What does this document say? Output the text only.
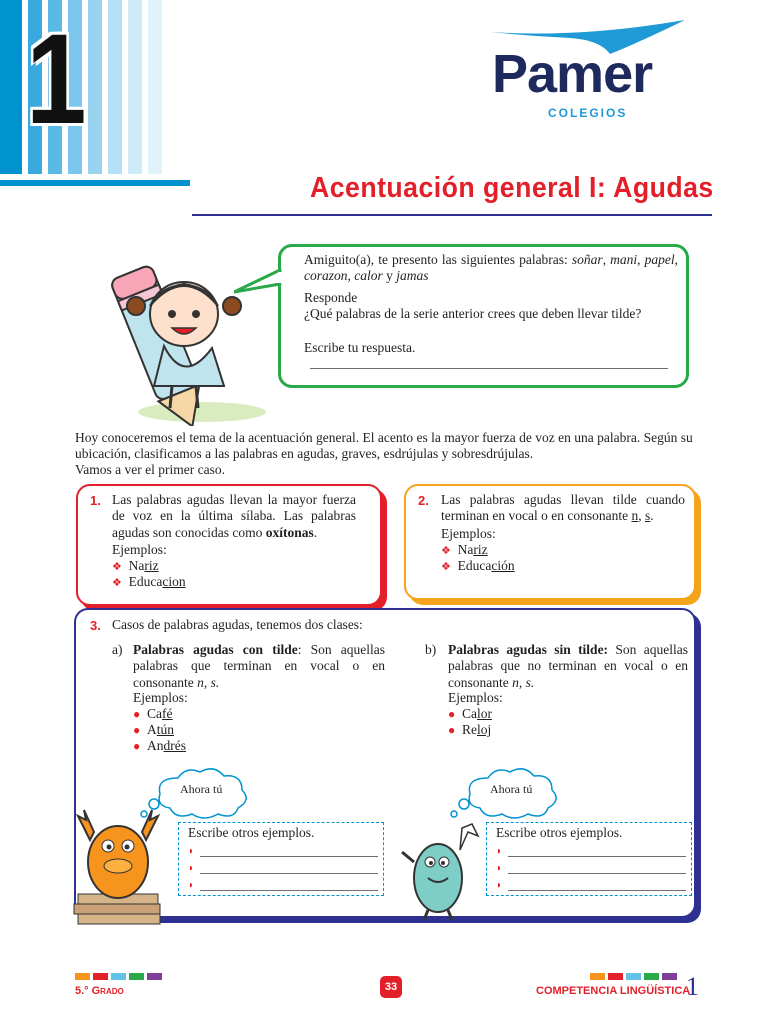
1	Pamer
COLEGIOS
Acentuación general I: Agudas
Amiguito(a), te presento las siguientes palabras: soñar, mani, papel, corazon, calor y jamas
Responde
¿Qué palabras de la serie anterior crees que deben llevar tilde?
Escribe tu respuesta.
Hoy conoceremos el tema de la acentuación general. El acento es la mayor fuerza de voz en una palabra. Según su ubicación, clasificamos a las palabras en agudas, graves, esdrújulas y sobresdrújulas.
Vamos a ver el primer caso.
1. Las palabras agudas llevan la mayor fuerza de voz en la última sílaba. Las palabras agudas son conocidas como oxítonas.
Ejemplos:
❖ Nariz
❖ Educacion
2. Las palabras agudas llevan tilde cuando terminan en vocal o en consonante n, s.
Ejemplos:
❖ Nariz
❖ Educación
3. Casos de palabras agudas, tenemos dos clases:
a) Palabras agudas con tilde: Son aquellas palabras que terminan en vocal o en consonante n, s.
Ejemplos:
● Café
● Atún
● Andrés
b) Palabras agudas sin tilde: Son aquellas palabras que no terminan en vocal o en consonante n, s.
Ejemplos:
● Calor
● Reloj
Ahora tú	Ahora tú
Escribe otros ejemplos.
◗
◗
◗
Escribe otros ejemplos.
◗
◗
◗
5.° Grado	33	COMPETENCIA LINGÜÍSTICA
1
